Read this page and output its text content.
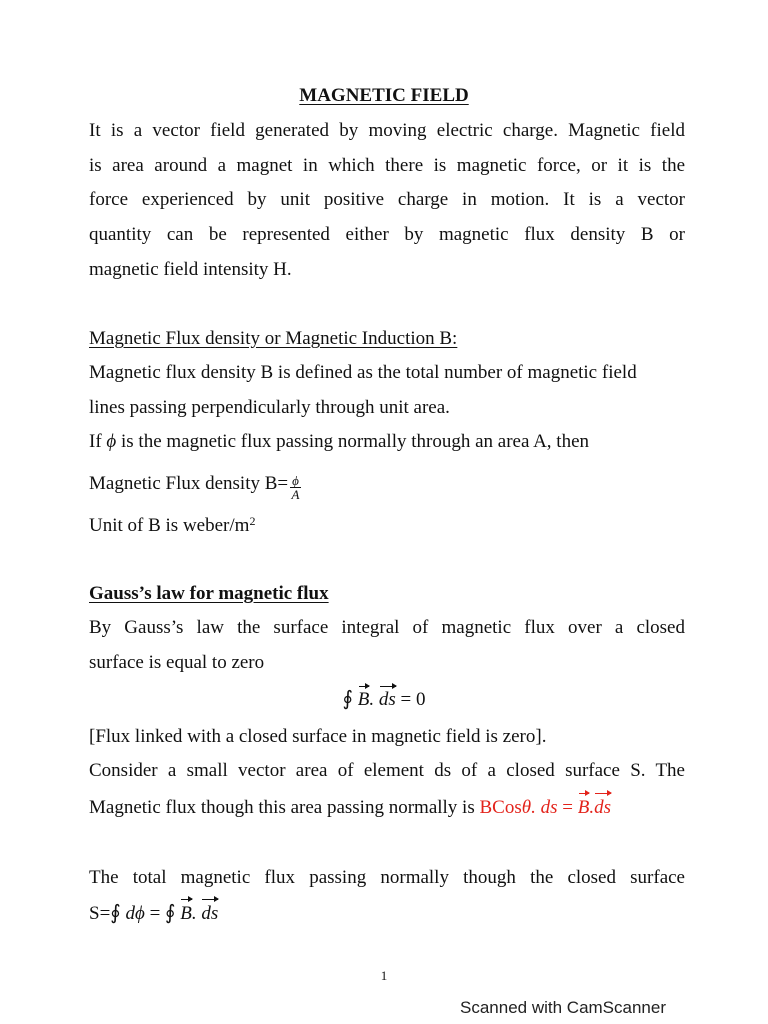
MAGNETIC FIELD
It is a vector field generated by moving electric charge. Magnetic field
is area around a magnet in which there is magnetic force, or it is the
force experienced by unit positive charge in motion. It is a vector
quantity can be represented either by magnetic flux density B or
magnetic field intensity H.
Magnetic Flux density or Magnetic Induction B:
Magnetic flux density B is defined as the total number of magnetic field
lines passing perpendicularly through unit area.
If ϕ is the magnetic flux passing normally through an area A, then
Magnetic Flux density $B= \frac{\phi}{A}$
Unit of B is weber/$m^2$
Gauss’s law for magnetic flux
By Gauss’s law the surface integral of magnetic flux over a closed
surface is equal to zero
∮ B. ds = 0
[Flux linked with a closed surface in magnetic field is zero].
Consider a small vector area of element ds of a closed surface S. The
Magnetic flux though this area passing normally is BCosθ. ds = B.ds
The total magnetic flux passing normally though the closed surface
S=∮ dϕ = ∮ B. ds
1
Scanned with CamScanner
